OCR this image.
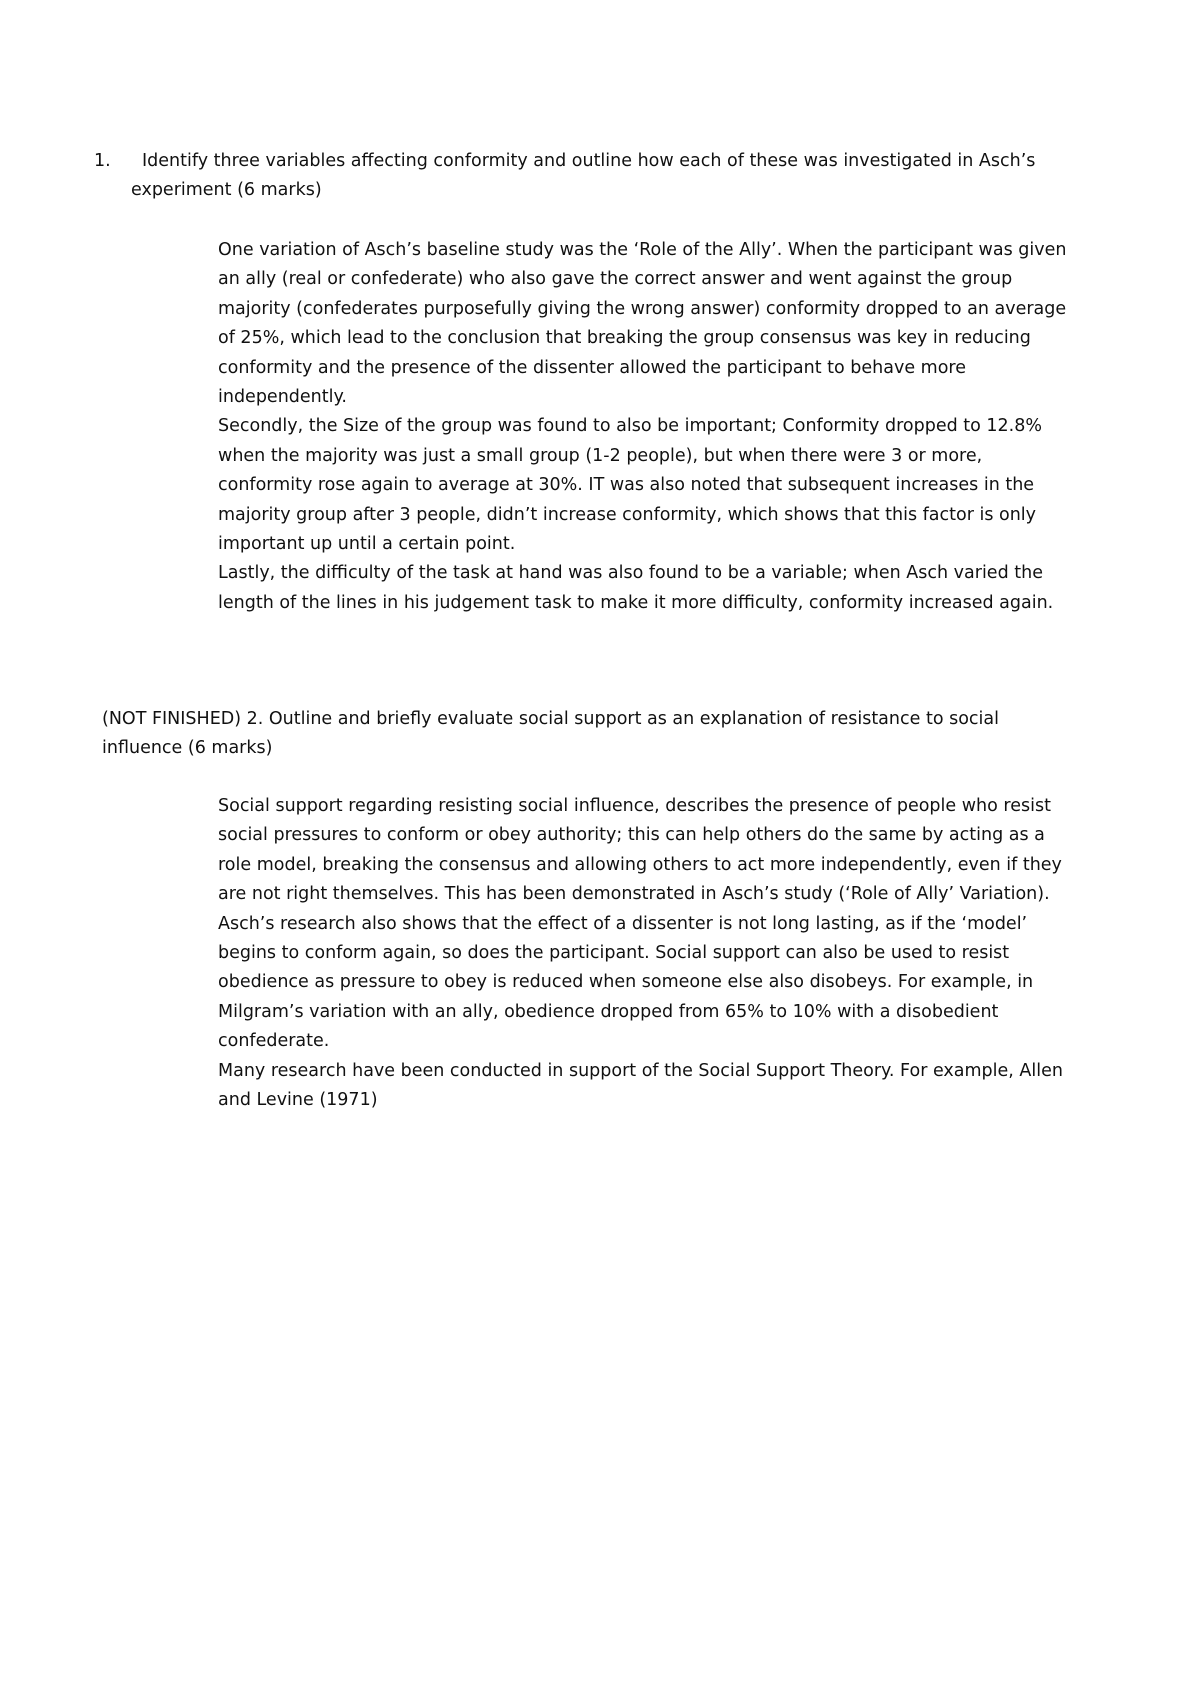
1. Identify three variables affecting conformity and outline how each of these was investigated in Asch’s
experiment (6 marks)

One variation of Asch’s baseline study was the ‘Role of the Ally’. When the participant was given an ally (real or confederate) who also gave the correct answer and went against the group majority (confederates purposefully giving the wrong answer) conformity dropped to an average of 25%, which lead to the conclusion that breaking the group consensus was key in reducing conformity and the presence of the dissenter allowed the participant to behave more independently.

Secondly, the Size of the group was found to also be important; Conformity dropped to 12.8% when the majority was just a small group (1-2 people), but when there were 3 or more, conformity rose again to average at 30%. IT was also noted that subsequent increases in the majority group after 3 people, didn’t increase conformity, which shows that this factor is only important up until a certain point.

Lastly, the difficulty of the task at hand was also found to be a variable; when Asch varied the length of the lines in his judgement task to make it more difficulty, conformity increased again.

(NOT FINISHED) 2. Outline and briefly evaluate social support as an explanation of resistance to social influence (6 marks)

Social support regarding resisting social influence, describes the presence of people who resist social pressures to conform or obey authority; this can help others do the same by acting as a role model, breaking the consensus and allowing others to act more independently, even if they are not right themselves. This has been demonstrated in Asch’s study (‘Role of Ally’ Variation). Asch’s research also shows that the effect of a dissenter is not long lasting, as if the ‘model’ begins to conform again, so does the participant. Social support can also be used to resist obedience as pressure to obey is reduced when someone else also disobeys. For example, in Milgram’s variation with an ally, obedience dropped from 65% to 10% with a disobedient confederate.

Many research have been conducted in support of the Social Support Theory. For example, Allen and Levine (1971)
